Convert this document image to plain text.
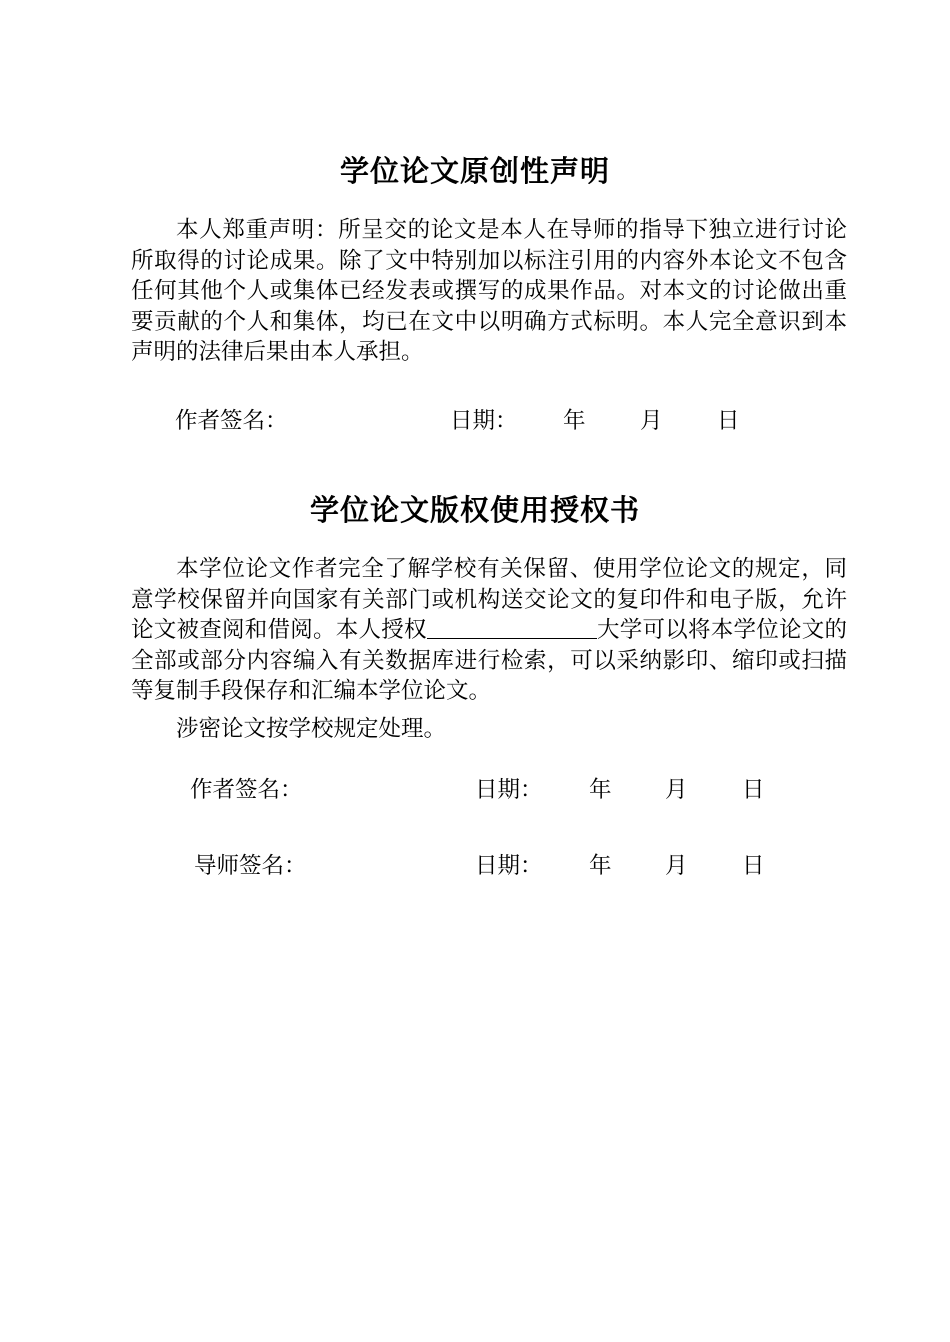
学位论文原创性声明

本人郑重声明：所呈交的论文是本人在导师的指导下独立进行讨论所取得的讨论成果。除了文中特别加以标注引用的内容外本论文不包含任何其他个人或集体已经发表或撰写的成果作品。对本文的讨论做出重要贡献的个人和集体，均已在文中以明确方式标明。本人完全意识到本声明的法律后果由本人承担。

作者签名：	日期： 年 月 日
学位论文版权使用授权书

本学位论文作者完全了解学校有关保留、使用学位论文的规定，同意学校保留并向国家有关部门或机构送交论文的复印件和电子版，允许论文被查阅和借阅。本人授权	大学可以将本学位论文的全部或部分内容编入有关数据库进行检索，可以采纳影印、缩印或扫描等复制手段保存和汇编本学位论文。

涉密论文按学校规定处理。

作者签名：	日期： 年 月 日
导师签名：	日期： 年 月 日
